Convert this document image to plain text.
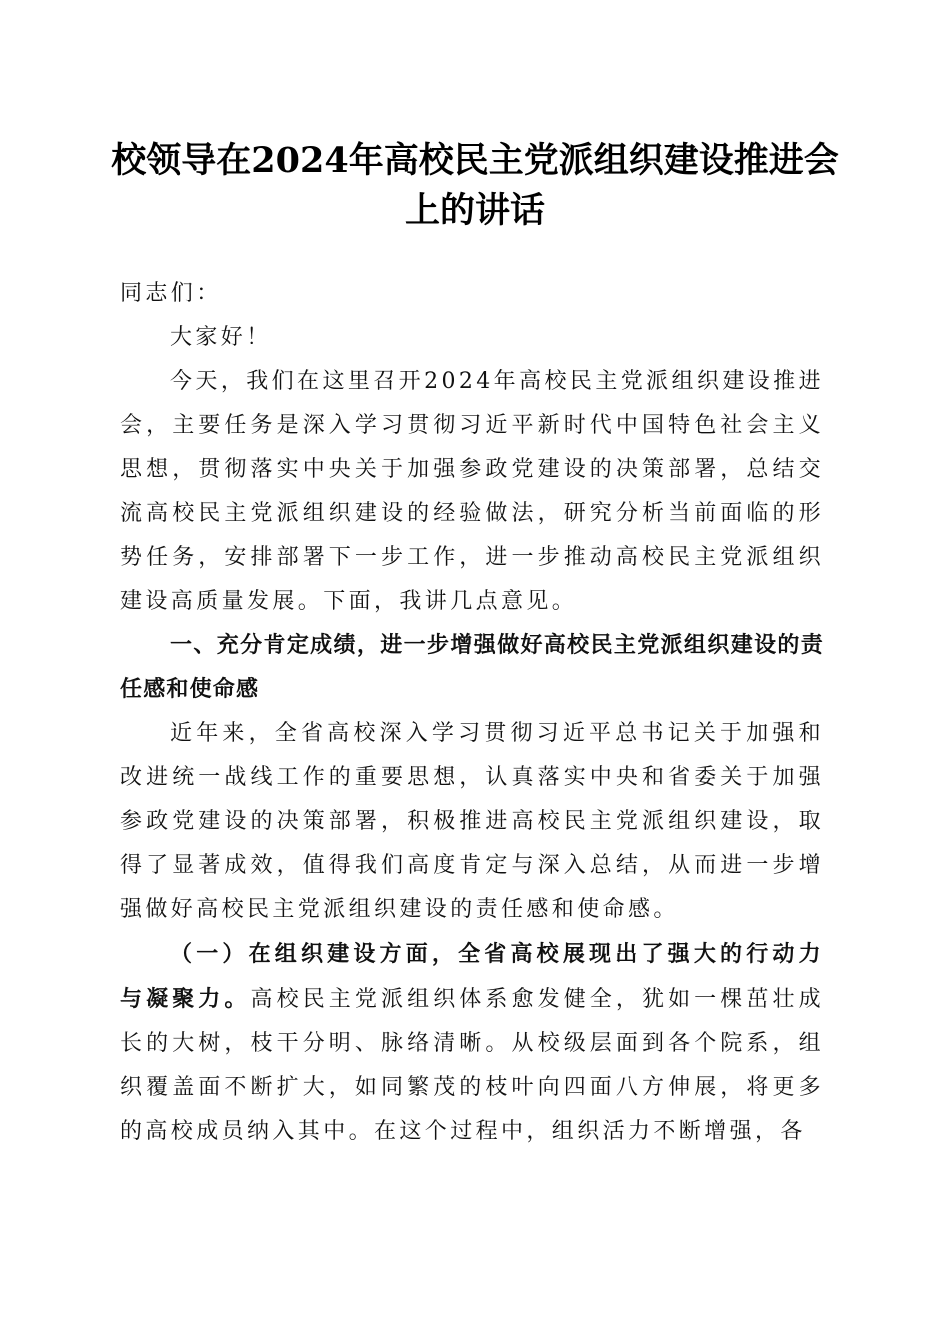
校领导在2024年高校民主党派组织建设推进会上的讲话

同志们：

大家好！

今天，我们在这里召开2024年高校民主党派组织建设推进会，主要任务是深入学习贯彻习近平新时代中国特色社会主义思想，贯彻落实中央关于加强参政党建设的决策部署，总结交流高校民主党派组织建设的经验做法，研究分析当前面临的形势任务，安排部署下一步工作，进一步推动高校民主党派组织建设高质量发展。下面，我讲几点意见。

一、充分肯定成绩，进一步增强做好高校民主党派组织建设的责任感和使命感

近年来，全省高校深入学习贯彻习近平总书记关于加强和改进统一战线工作的重要思想，认真落实中央和省委关于加强参政党建设的决策部署，积极推进高校民主党派组织建设，取得了显著成效，值得我们高度肯定与深入总结，从而进一步增强做好高校民主党派组织建设的责任感和使命感。

（一）在组织建设方面，全省高校展现出了强大的行动力与凝聚力。高校民主党派组织体系愈发健全，犹如一棵茁壮成长的大树，枝干分明、脉络清晰。从校级层面到各个院系，组织覆盖面不断扩大，如同繁茂的枝叶向四面八方伸展，将更多的高校成员纳入其中。在这个过程中，组织活力不断增强，各
